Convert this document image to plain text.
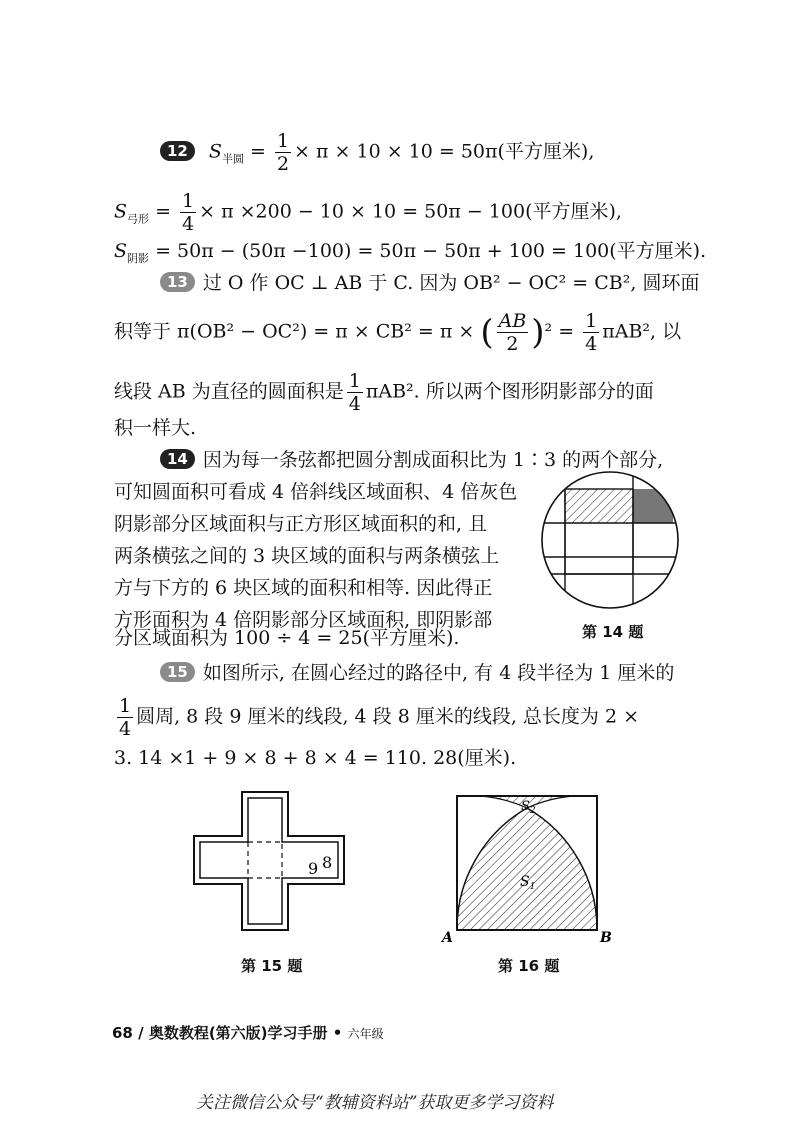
12 $S_{半圆} = \frac{1}{2} \times \pi \times 10 \times 10 = 50\pi$(平方厘米),
$S_{弓形} = \frac{1}{4} \times \pi \times 200 - 10 \times 10 = 50\pi - 100$(平方厘米),
$S_{阴影} = 50\pi - (50\pi -100) = 50\pi - 50\pi + 100 = 100$(平方厘米).
13 过 O 作 OC ⊥ AB 于 C. 因为 OB² − OC² = CB², 圆环面
积等于 π(OB² − OC²) = π × CB² = π × ( $\frac{AB}{2} )^2 = \frac{1}{4} \pi AB^2$, 以
线段 AB 为直径的圆面积是 $\frac{1}{4} \pi AB^2$. 所以两个图形阴影部分的面
积一样大.
14 因为每一条弦都把圆分割成面积比为 1∶3 的两个部分,
可知圆面积可看成 4 倍斜线区域面积、4 倍灰色
阴影部分区域面积与正方形区域面积的和, 且
两条横弦之间的 3 块区域的面积与两条横弦上
方与下方的 6 块区域的面积和相等. 因此得正
方形面积为 4 倍阴影部分区域面积, 即阴影部
分区域面积为 100 ÷ 4 = 25(平方厘米).	第 14 题
15 如图所示, 在圆心经过的路径中, 有 4 段半径为 1 厘米的
$\frac{1}{4}$ 圆周, 8 段 9 厘米的线段, 4 段 8 厘米的线段, 总长度为 2 ×
3. 14 ×1 + 9 × 8 + 8 × 4 = 110. 28(厘米).
9 8
第 15 题
$S_2$
$S_1$
A	B
第 16 题
68 / 奥数教程(第六版)学习手册 • 六年级
关注微信公众号“教辅资料站”获取更多学习资料
